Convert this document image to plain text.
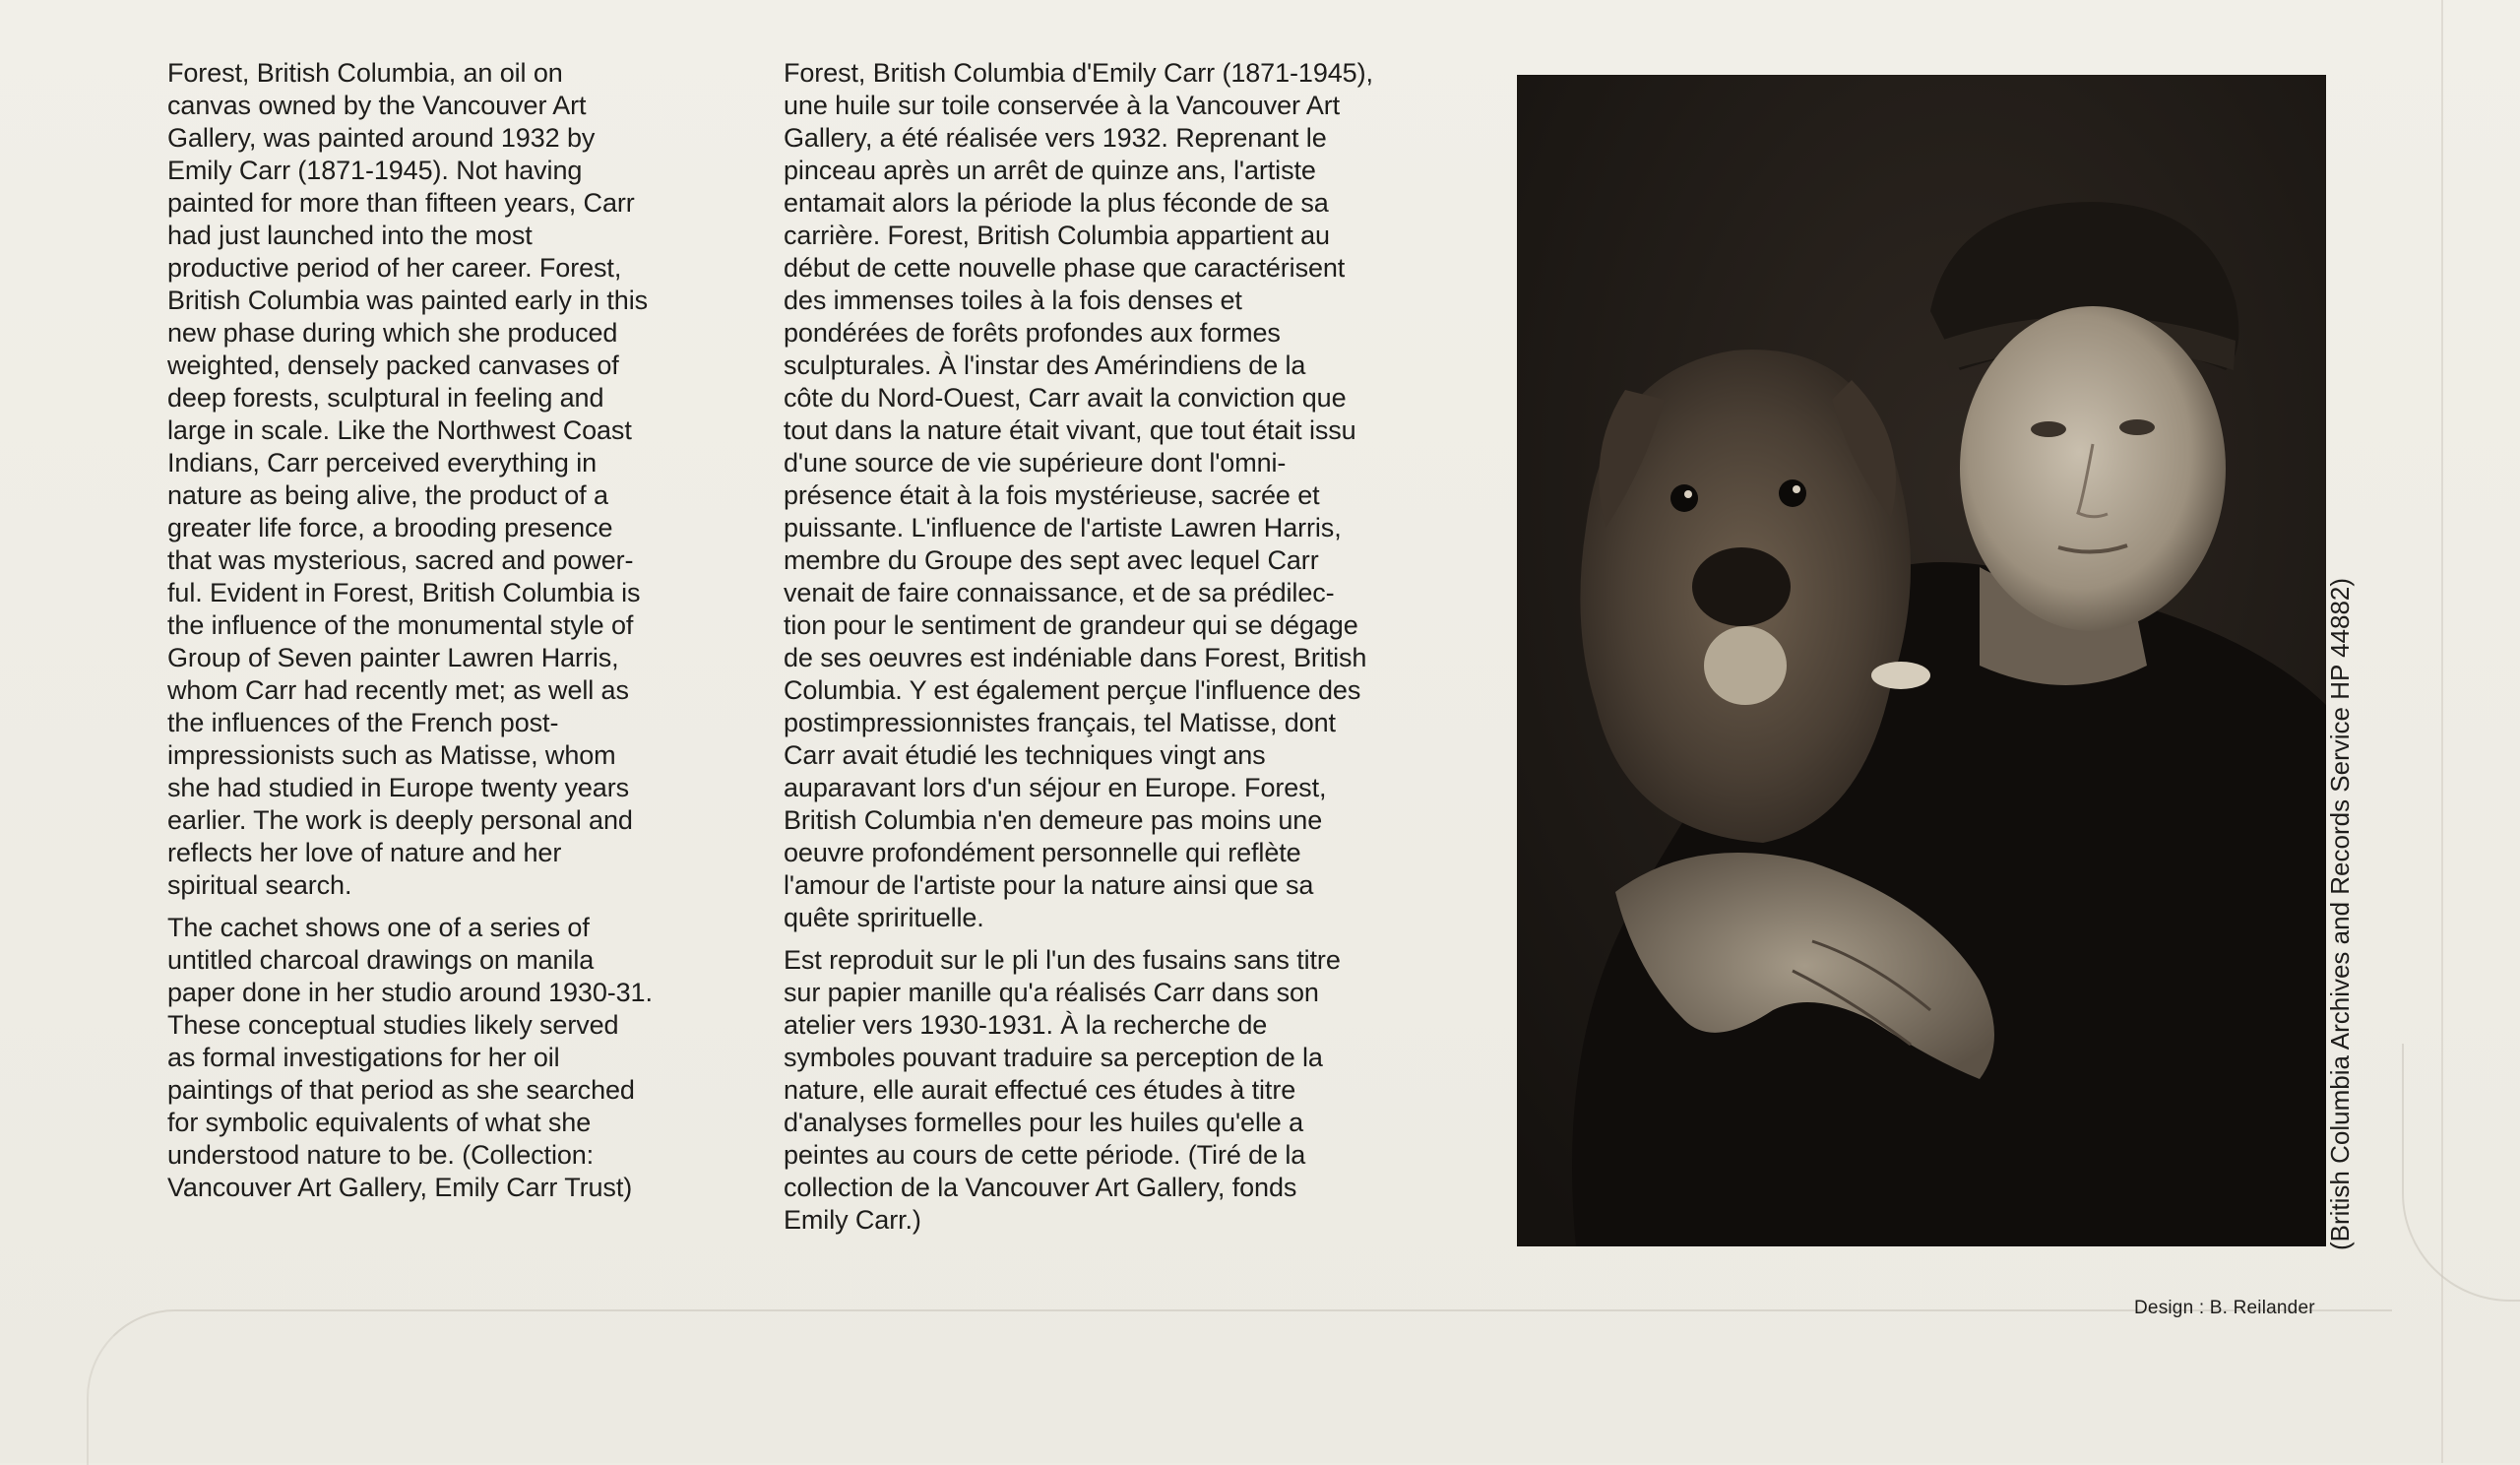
Forest, British Columbia, an oil on
canvas owned by the Vancouver Art
Gallery, was painted around 1932 by
Emily Carr (1871-1945). Not having
painted for more than fifteen years, Carr
had just launched into the most
productive period of her career. Forest,
British Columbia was painted early in this
new phase during which she produced
weighted, densely packed canvases of
deep forests, sculptural in feeling and
large in scale. Like the Northwest Coast
Indians, Carr perceived everything in
nature as being alive, the product of a
greater life force, a brooding presence
that was mysterious, sacred and power-
ful. Evident in Forest, British Columbia is
the influence of the monumental style of
Group of Seven painter Lawren Harris,
whom Carr had recently met; as well as
the influences of the French post-
impressionists such as Matisse, whom
she had studied in Europe twenty years
earlier. The work is deeply personal and
reflects her love of nature and her
spiritual search.

The cachet shows one of a series of
untitled charcoal drawings on manila
paper done in her studio around 1930-31.
These conceptual studies likely served
as formal investigations for her oil
paintings of that period as she searched
for symbolic equivalents of what she
understood nature to be. (Collection:
Vancouver Art Gallery, Emily Carr Trust)

Forest, British Columbia d'Emily Carr (1871-1945),
une huile sur toile conservée à la Vancouver Art
Gallery, a été réalisée vers 1932. Reprenant le
pinceau après un arrêt de quinze ans, l'artiste
entamait alors la période la plus féconde de sa
carrière. Forest, British Columbia appartient au
début de cette nouvelle phase que caractérisent
des immenses toiles à la fois denses et
pondérées de forêts profondes aux formes
sculpturales. À l'instar des Amérindiens de la
côte du Nord-Ouest, Carr avait la conviction que
tout dans la nature était vivant, que tout était issu
d'une source de vie supérieure dont l'omni-
présence était à la fois mystérieuse, sacrée et
puissante. L'influence de l'artiste Lawren Harris,
membre du Groupe des sept avec lequel Carr
venait de faire connaissance, et de sa prédilec-
tion pour le sentiment de grandeur qui se dégage
de ses oeuvres est indéniable dans Forest, British
Columbia. Y est également perçue l'influence des
postimpressionnistes français, tel Matisse, dont
Carr avait étudié les techniques vingt ans
auparavant lors d'un séjour en Europe. Forest,
British Columbia n'en demeure pas moins une
oeuvre profondément personnelle qui reflète
l'amour de l'artiste pour la nature ainsi que sa
quête sprirituelle.

Est reproduit sur le pli l'un des fusains sans titre
sur papier manille qu'a réalisés Carr dans son
atelier vers 1930-1931. À la recherche de
symboles pouvant traduire sa perception de la
nature, elle aurait effectué ces études à titre
d'analyses formelles pour les huiles qu'elle a
peintes au cours de cette période. (Tiré de la
collection de la Vancouver Art Gallery, fonds
Emily Carr.)	(British Columbia Archives and Records Service HP 44882)
Design : B. Reilander
